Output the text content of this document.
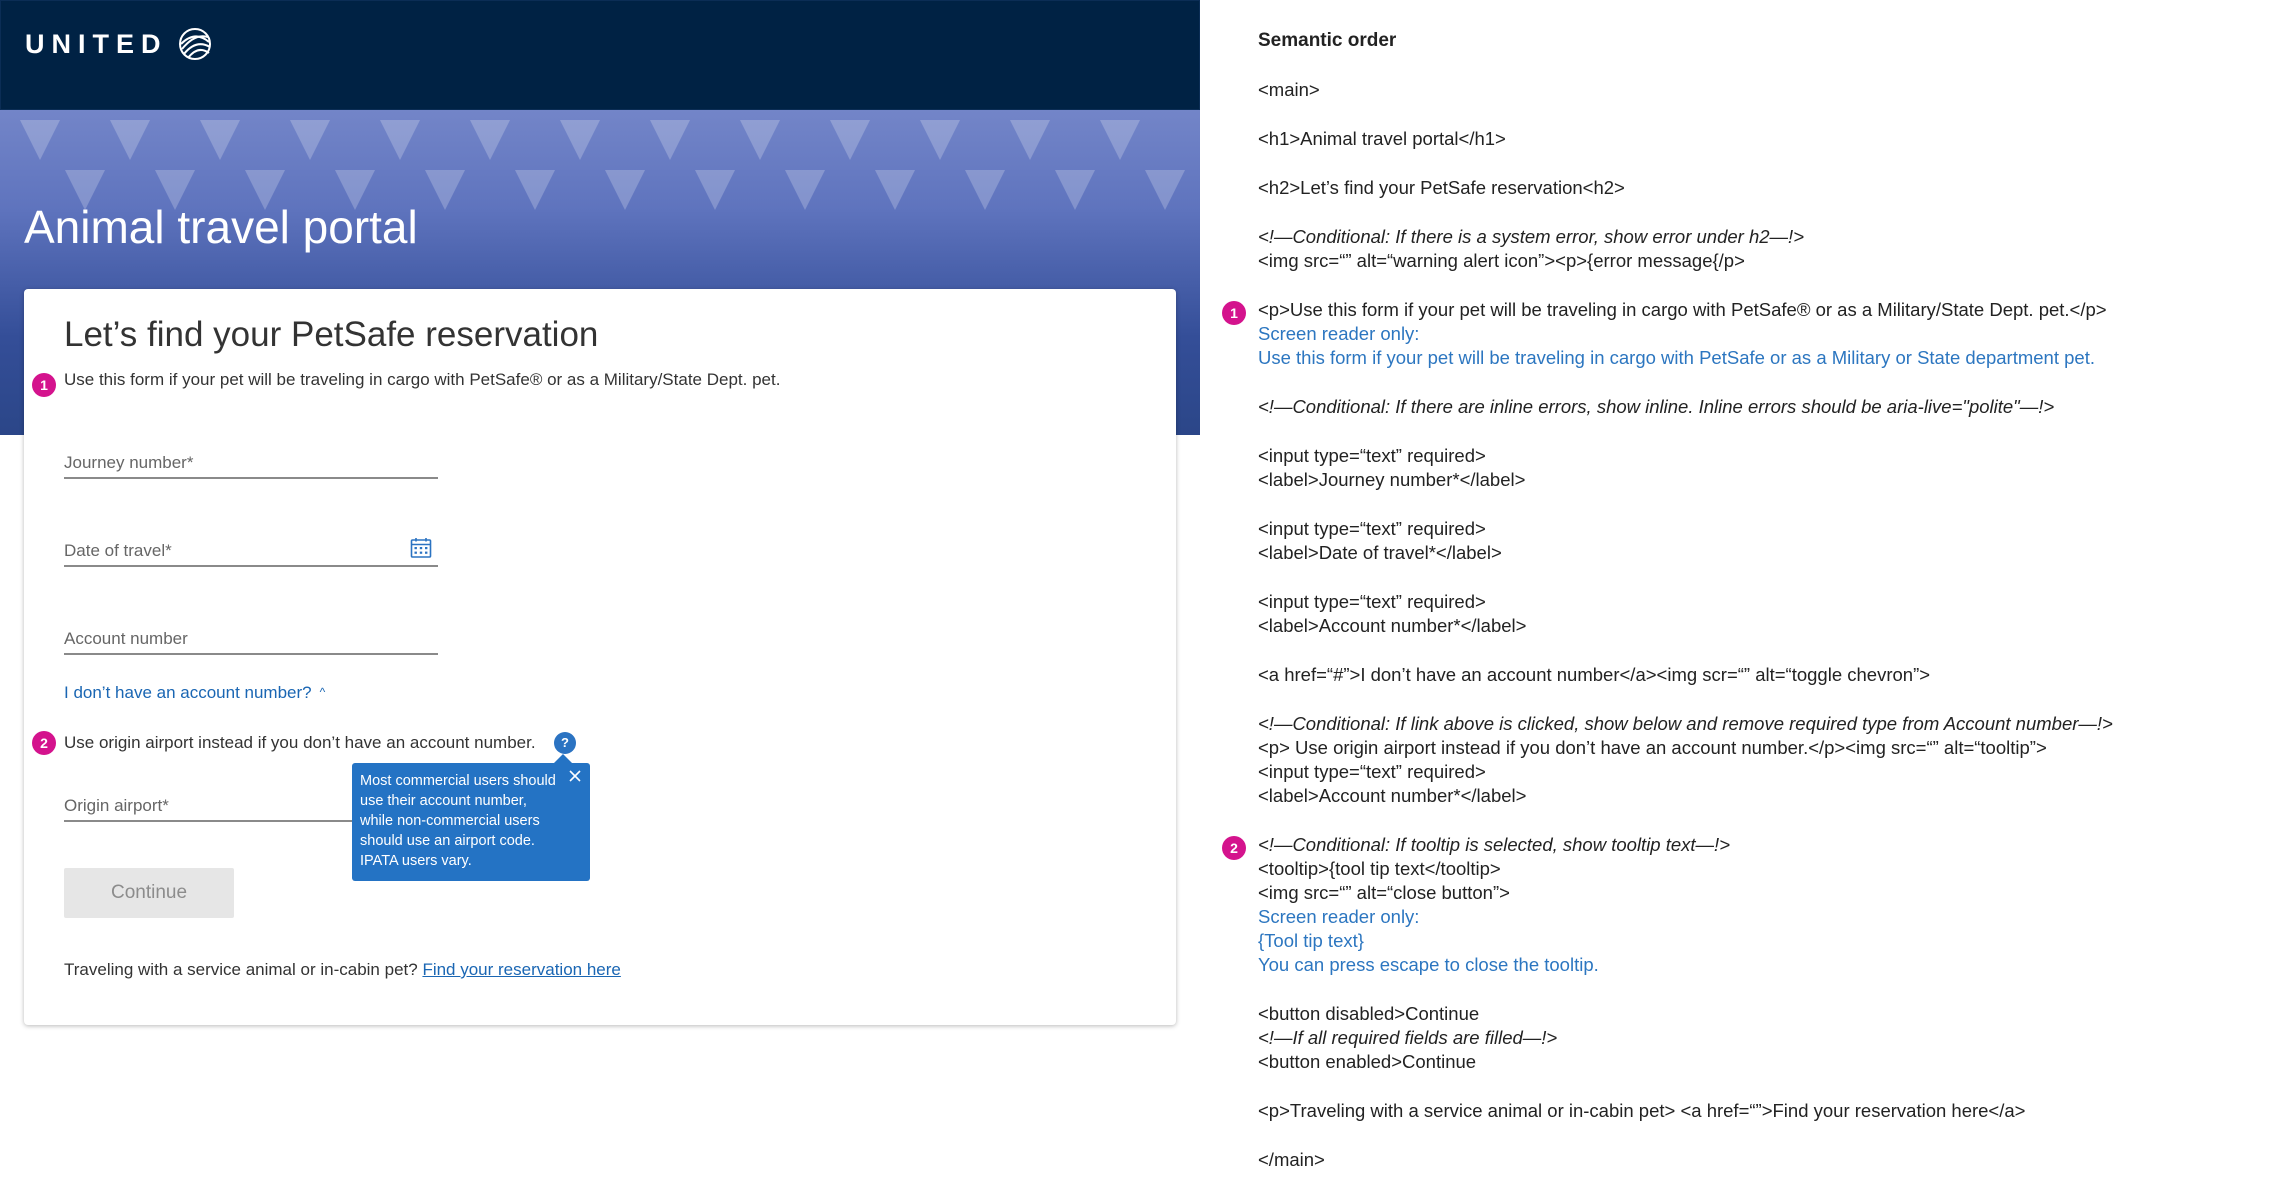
UNITED
Animal travel portal
Let’s find your PetSafe reservation
1 Use this form if your pet will be traveling in cargo with PetSafe® or as a Military/State Dept. pet.

Journey number*
Date of travel*
Account number
I don’t have an account number? ^
2 Use origin airport instead if you don’t have an account number.	?
Origin airport*
Most commercial users should use their account number, while non-commercial users should use an airport code. IPATA users vary.
Continue

Traveling with a service animal or in-cabin pet? Find your reservation here

Semantic order
<main>
<h1>Animal travel portal</h1>
<h2>Let’s find your PetSafe reservation<h2>
<!—Conditional: If there is a system error, show error under h2—!>
<img src=“” alt=“warning alert icon”><p>{error message{/p>
1	<p>Use this form if your pet will be traveling in cargo with PetSafe® or as a Military/State Dept. pet.</p>
Screen reader only:
Use this form if your pet will be traveling in cargo with PetSafe or as a Military or State department pet.
<!—Conditional: If there are inline errors, show inline. Inline errors should be aria-live="polite"—!>
<input type=“text” required>
<label>Journey number*</label>
<input type=“text” required>
<label>Date of travel*</label>
<input type=“text” required>
<label>Account number*</label>
<a href=“#”>I don’t have an account number</a><img scr=“” alt=“toggle chevron”>
<!—Conditional: If link above is clicked, show below and remove required type from Account number—!>
<p> Use origin airport instead if you don’t have an account number.</p><img src=“” alt=“tooltip”>
<input type=“text” required>
<label>Account number*</label>
2	<!—Conditional: If tooltip is selected, show tooltip text—!>
<tooltip>{tool tip text</tooltip>
<img src=“” alt=“close button”>
Screen reader only:
{Tool tip text}
You can press escape to close the tooltip.
<button disabled>Continue
<!—If all required fields are filled—!>
<button enabled>Continue
<p>Traveling with a service animal or in-cabin pet> <a href=“”>Find your reservation here</a>
</main>
